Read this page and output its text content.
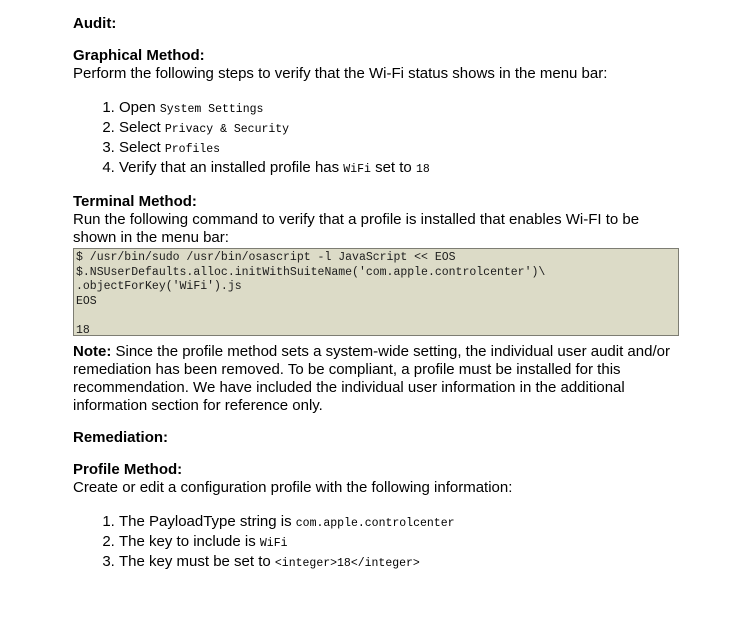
Audit:

Graphical Method:

Perform the following steps to verify that the Wi-Fi status shows in the menu bar:

1. Open System Settings
2. Select Privacy & Security
3. Select Profiles
4. Verify that an installed profile has WiFi set to 18

Terminal Method:

Run the following command to verify that a profile is installed that enables Wi-FI to be

shown in the menu bar:

$ /usr/bin/sudo /usr/bin/osascript -l JavaScript << EOS
$.NSUserDefaults.alloc.initWithSuiteName('com.apple.controlcenter')\
.objectForKey('WiFi').js
EOS
18

Note: Since the profile method sets a system-wide setting, the individual user audit and/or remediation has been removed. To be compliant, a profile must be installed for this recommendation. We have included the individual user information in the additional information section for reference only.

Remediation:

Profile Method:

Create or edit a configuration profile with the following information:

1. The PayloadType string is com.apple.controlcenter
2. The key to include is WiFi
3. The key must be set to <integer>18</integer>
